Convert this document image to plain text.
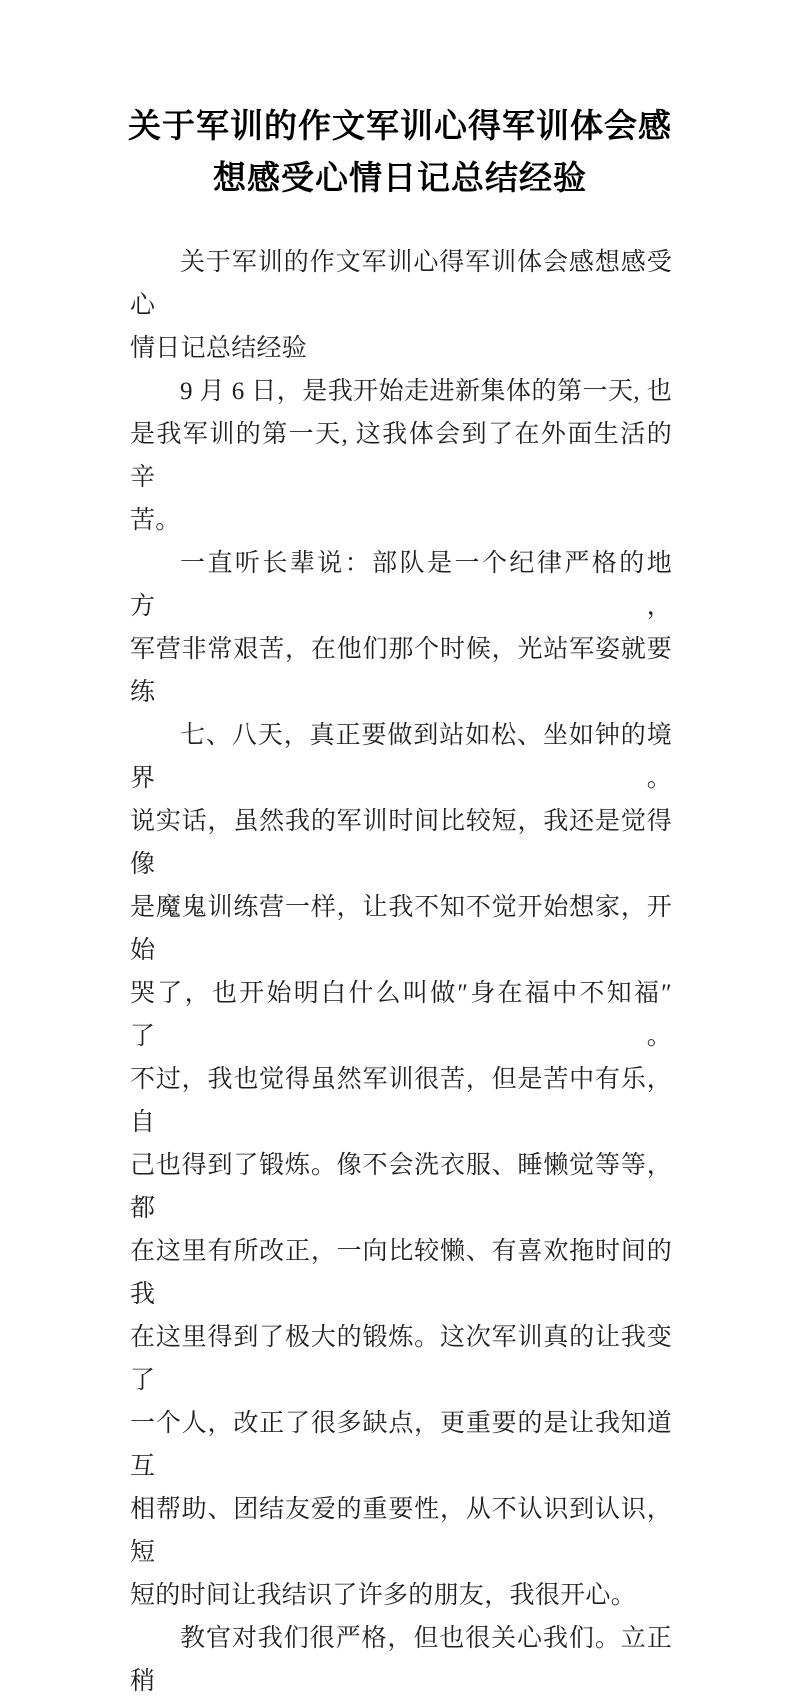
关于军训的作文军训心得军训体会感
想感受心情日记总结经验
关于军训的作文军训心得军训体会感想感受心
情日记总结经验
9 月 6 日，是我开始走进新集体的第一天, 也
是我军训的第一天, 这我体会到了在外面生活的辛
苦。
一直听长辈说：部队是一个纪律严格的地方，
军营非常艰苦，在他们那个时候，光站军姿就要练
七、八天，真正要做到站如松、坐如钟的境界。
说实话，虽然我的军训时间比较短，我还是觉得像
是魔鬼训练营一样，让我不知不觉开始想家，开始
哭了，也开始明白什么叫做″身在福中不知福″了。
不过，我也觉得虽然军训很苦，但是苦中有乐，自
己也得到了锻炼。像不会洗衣服、睡懒觉等等，都
在这里有所改正，一向比较懒、有喜欢拖时间的我
在这里得到了极大的锻炼。这次军训真的让我变了
一个人，改正了很多缺点，更重要的是让我知道互
相帮助、团结友爱的重要性，从不认识到认识，短
短的时间让我结识了许多的朋友，我很开心。
教官对我们很严格，但也很关心我们。立正稍
